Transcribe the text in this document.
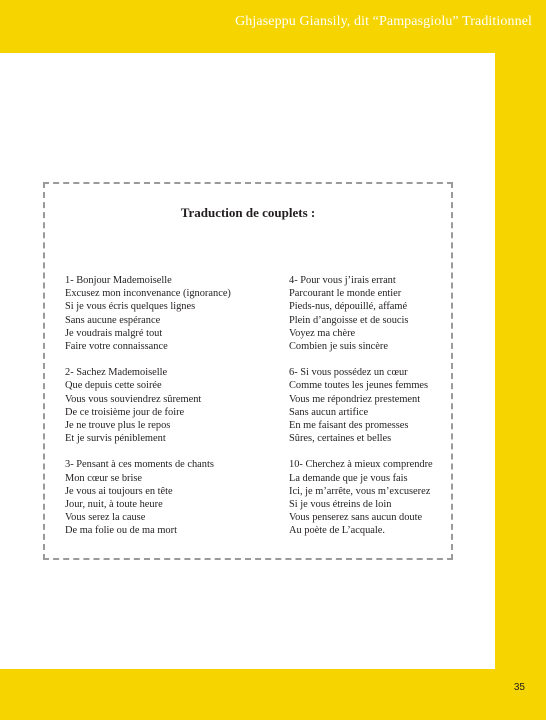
Ghjaseppu Giansily, dit “Pampasgiolu” Traditionnel
Traduction de couplets :
1- Bonjour Mademoiselle
Excusez mon inconvenance (ignorance)
Si je vous écris quelques lignes
Sans aucune espérance
Je voudrais malgré tout
Faire votre connaissance
2- Sachez Mademoiselle
Que depuis cette soirée
Vous vous souviendrez sûrement
De ce troisième jour de foire
Je ne trouve plus le repos
Et je survis péniblement
3- Pensant à ces moments de chants
Mon cœur se brise
Je vous ai toujours en tête
Jour, nuit, à toute heure
Vous serez la cause
De ma folie ou de ma mort
4- Pour vous j’irais errant
Parcourant le monde entier
Pieds-nus, dépouillé, affamé
Plein d’angoisse et de soucis
Voyez ma chère
Combien je suis sincère
6- Si vous possédez un cœur
Comme toutes les jeunes femmes
Vous me répondriez prestement
Sans aucun artifice
En me faisant des promesses
Sûres, certaines et belles
10- Cherchez à mieux comprendre
La demande que je vous fais
Ici, je m’arrête, vous m’excuserez
Si je vous étreins de loin
Vous penserez sans aucun doute
Au poète de L’acquale.
35
